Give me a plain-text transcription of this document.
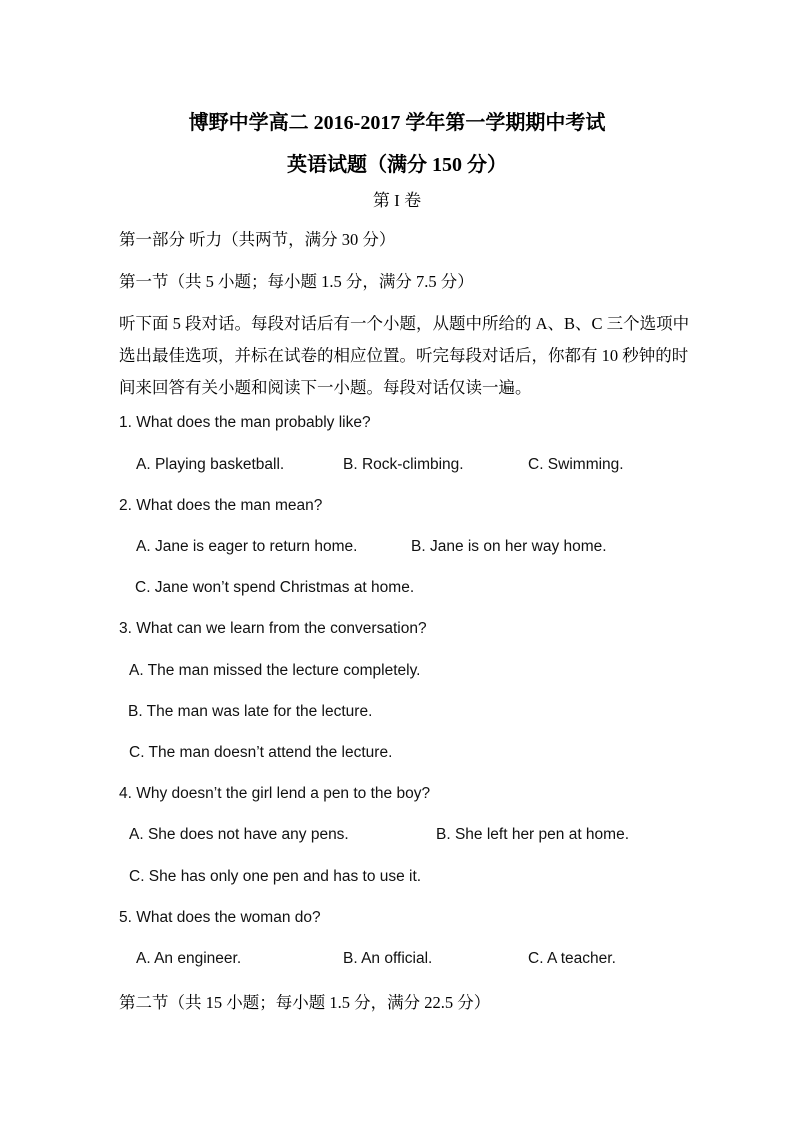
博野中学高二 2016-2017 学年第一学期期中考试
英语试题（满分 150 分）
第 I 卷
第一部分 听力（共两节，满分 30 分）
第一节（共 5 小题；每小题 1.5 分，满分 7.5 分）
听下面 5 段对话。每段对话后有一个小题，从题中所给的 A、B、C 三个选项中
选出最佳选项，并标在试卷的相应位置。听完每段对话后，你都有 10 秒钟的时
间来回答有关小题和阅读下一小题。每段对话仅读一遍。
1. What does the man probably like?
A. Playing basketball.	B. Rock-climbing.	C. Swimming.
2. What does the man mean?
A. Jane is eager to return home.	B. Jane is on her way home.
C. Jane won’t spend Christmas at home.
3. What can we learn from the conversation?
A. The man missed the lecture completely.
B. The man was late for the lecture.
C. The man doesn’t attend the lecture.
4. Why doesn’t the girl lend a pen to the boy?
A. She does not have any pens.	B. She left her pen at home.
C. She has only one pen and has to use it.
5. What does the woman do?
A. An engineer.	B. An official.	C. A teacher.
第二节（共 15 小题；每小题 1.5 分，满分 22.5 分）
